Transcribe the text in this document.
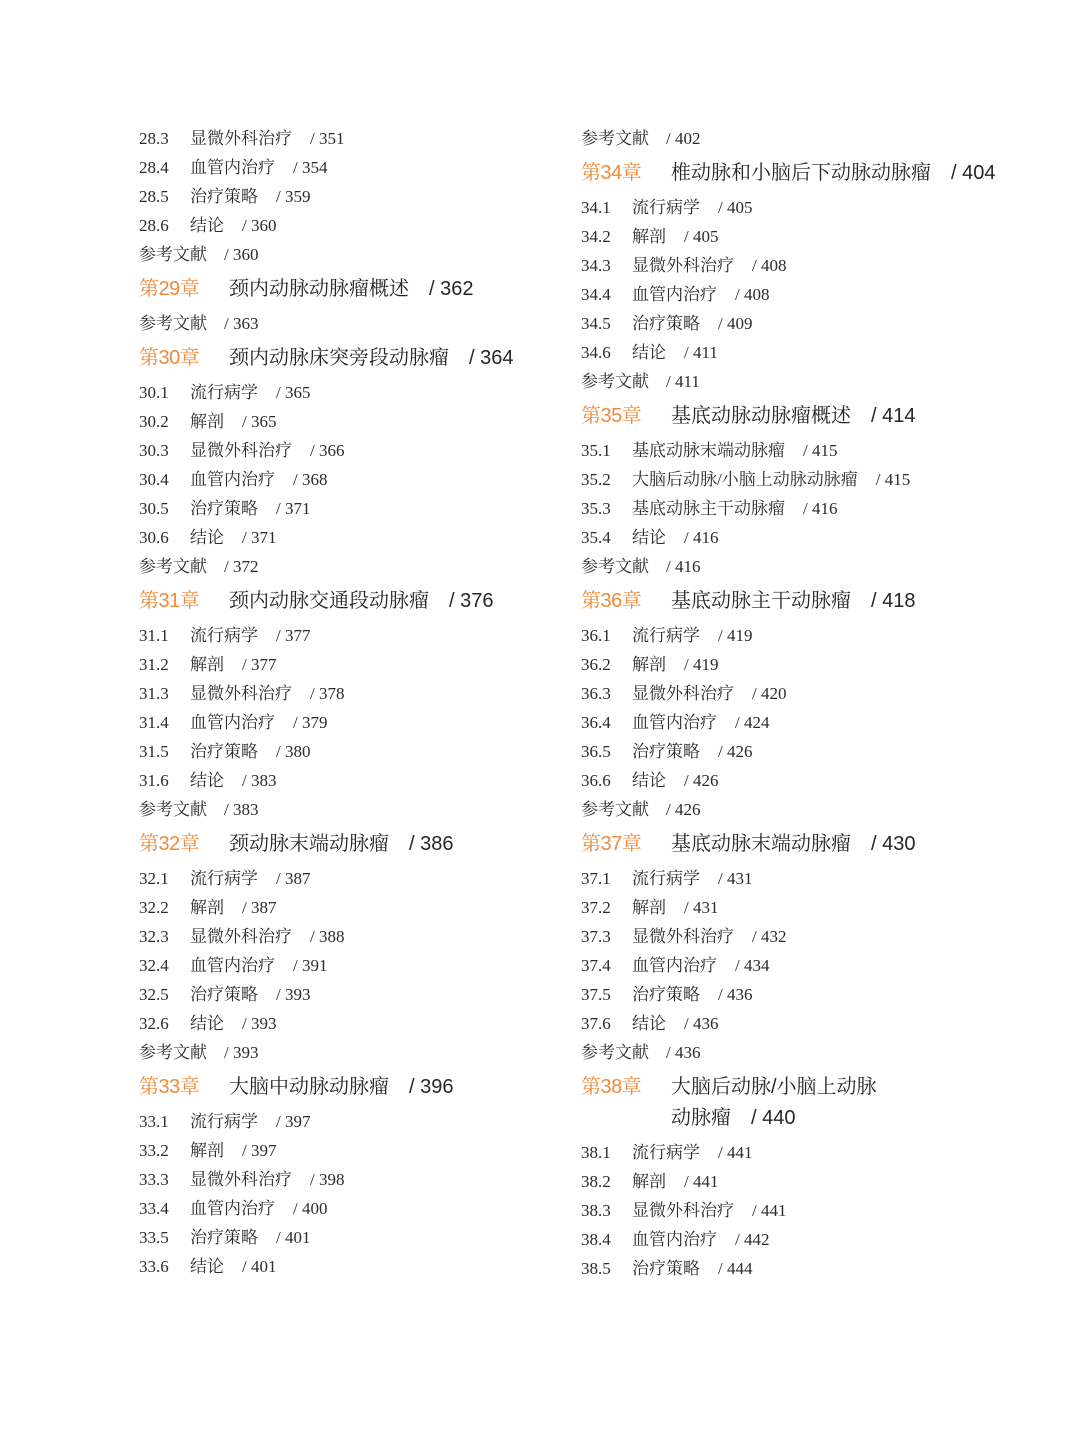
28.3 显微外科治疗 / 351
28.4 血管内治疗 / 354
28.5 治疗策略 / 359
28.6 结论 / 360
参考文献 / 360
第29章	颈内动脉动脉瘤概述 / 362
参考文献 / 363
第30章	颈内动脉床突旁段动脉瘤 / 364
30.1 流行病学 / 365
30.2 解剖 / 365
30.3 显微外科治疗 / 366
30.4 血管内治疗 / 368
30.5 治疗策略 / 371
30.6 结论 / 371
参考文献 / 372
第31章	颈内动脉交通段动脉瘤 / 376
31.1 流行病学 / 377
31.2 解剖 / 377
31.3 显微外科治疗 / 378
31.4 血管内治疗 / 379
31.5 治疗策略 / 380
31.6 结论 / 383
参考文献 / 383
第32章	颈动脉末端动脉瘤 / 386
32.1 流行病学 / 387
32.2 解剖 / 387
32.3 显微外科治疗 / 388
32.4 血管内治疗 / 391
32.5 治疗策略 / 393
32.6 结论 / 393
参考文献 / 393
第33章	大脑中动脉动脉瘤 / 396
33.1 流行病学 / 397
33.2 解剖 / 397
33.3 显微外科治疗 / 398
33.4 血管内治疗 / 400
33.5 治疗策略 / 401
33.6 结论 / 401
参考文献 / 402
第34章	椎动脉和小脑后下动脉动脉瘤 / 404
34.1 流行病学 / 405
34.2 解剖 / 405
34.3 显微外科治疗 / 408
34.4 血管内治疗 / 408
34.5 治疗策略 / 409
34.6 结论 / 411
参考文献 / 411
第35章	基底动脉动脉瘤概述 / 414
35.1 基底动脉末端动脉瘤 / 415
35.2 大脑后动脉/小脑上动脉动脉瘤 / 415
35.3 基底动脉主干动脉瘤 / 416
35.4 结论 / 416
参考文献 / 416
第36章	基底动脉主干动脉瘤 / 418
36.1 流行病学 / 419
36.2 解剖 / 419
36.3 显微外科治疗 / 420
36.4 血管内治疗 / 424
36.5 治疗策略 / 426
36.6 结论 / 426
参考文献 / 426
第37章	基底动脉末端动脉瘤 / 430
37.1 流行病学 / 431
37.2 解剖 / 431
37.3 显微外科治疗 / 432
37.4 血管内治疗 / 434
37.5 治疗策略 / 436
37.6 结论 / 436
参考文献 / 436
第38章	大脑后动脉/小脑上动脉
动脉瘤 / 440
38.1 流行病学 / 441
38.2 解剖 / 441
38.3 显微外科治疗 / 441
38.4 血管内治疗 / 442
38.5 治疗策略 / 444
